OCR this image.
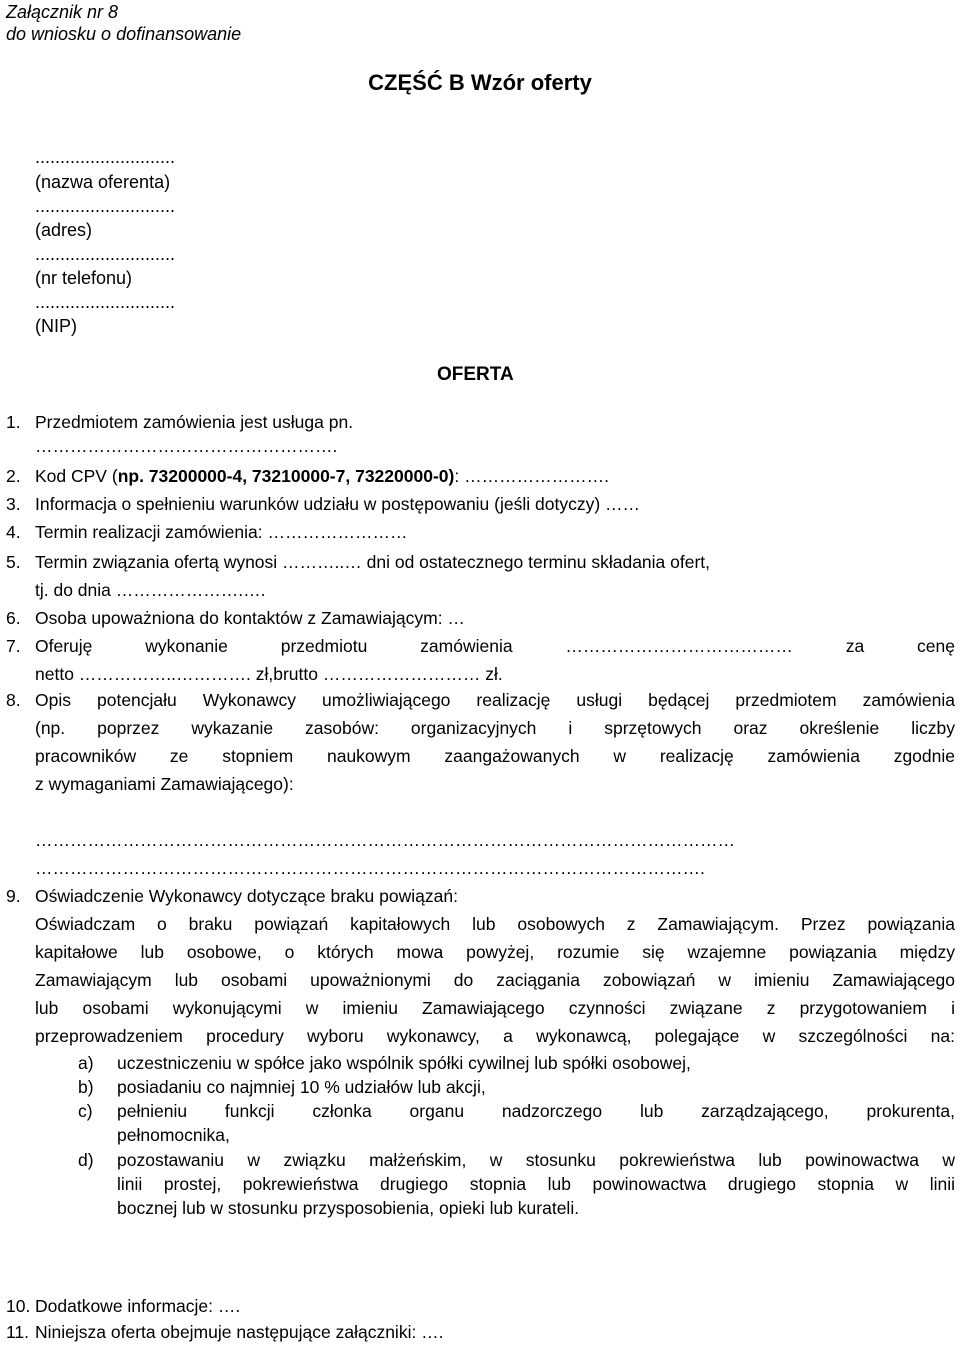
Załącznik nr 8
do wniosku o dofinansowanie
CZĘŚĆ B Wzór oferty
............................
(nazwa oferenta)
............................
(adres)
............................
(nr telefonu)
............................
(NIP)
OFERTA
1. Przedmiotem zamówienia jest usługa pn.
…………………………………………….
2. Kod CPV (np. 73200000-4, 73210000-7, 73220000-0): …………………….
3. Informacja o spełnieniu warunków udziału w postępowaniu (jeśli dotyczy) ……
4. Termin realizacji zamówienia: ……………………
5. Termin związania ofertą wynosi ………..… dni od ostatecznego terminu składania ofert,
tj. do dnia ………………….….
6. Osoba upoważniona do kontaktów z Zamawiającym: …
7. Oferuję wykonanie przedmiotu zamówienia ………………………………… za cenę
netto ……………..…………. zł,brutto ……………………… zł.
8. Opis potencjału Wykonawcy umożliwiającego realizację usługi będącej przedmiotem zamówienia
(np. poprzez wykazanie zasobów: organizacyjnych i sprzętowych oraz określenie liczby
pracowników ze stopniem naukowym zaangażowanych w realizację zamówienia zgodnie
z wymaganiami Zamawiającego):
…………………………………………………………………………………………………………
…………………………………………………………………………………………………….
9. Oświadczenie Wykonawcy dotyczące braku powiązań:
Oświadczam o braku powiązań kapitałowych lub osobowych z Zamawiającym. Przez powiązania
kapitałowe lub osobowe, o których mowa powyżej, rozumie się wzajemne powiązania między
Zamawiającym lub osobami upoważnionymi do zaciągania zobowiązań w imieniu Zamawiającego
lub osobami wykonującymi w imieniu Zamawiającego czynności związane z przygotowaniem i
przeprowadzeniem procedury wyboru wykonawcy, a wykonawcą, polegające w szczególności na:
a) uczestniczeniu w spółce jako wspólnik spółki cywilnej lub spółki osobowej,
b) posiadaniu co najmniej 10 % udziałów lub akcji,
c) pełnieniu funkcji członka organu nadzorczego lub zarządzającego, prokurenta,
pełnomocnika,
d) pozostawaniu w związku małżeńskim, w stosunku pokrewieństwa lub powinowactwa w
linii prostej, pokrewieństwa drugiego stopnia lub powinowactwa drugiego stopnia w linii
bocznej lub w stosunku przysposobienia, opieki lub kurateli.
10. Dodatkowe informacje: ….
11. Niniejsza oferta obejmuje następujące załączniki: ….
